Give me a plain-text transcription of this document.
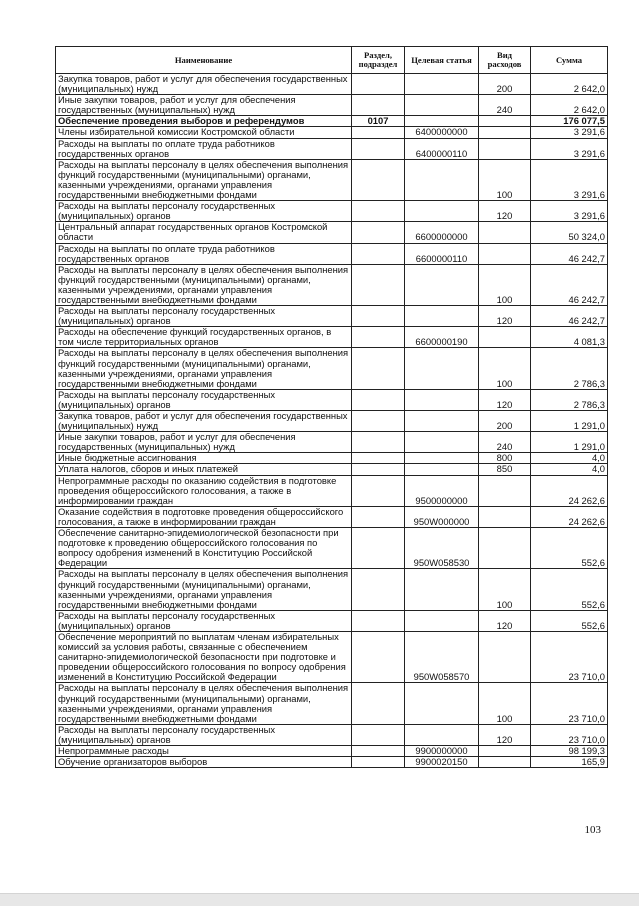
Наименование	Раздел, подраздел	Целевая статья	Вид расходов	Сумма
Закупка товаров, работ и услуг для обеспечения государственных (муниципальных) нужд			200	2 642,0
Иные закупки товаров, работ и услуг для обеспечения государственных (муниципальных) нужд			240	2 642,0
Обеспечение проведения выборов и референдумов	0107			176 077,5
Члены избирательной комиссии Костромской области		6400000000		3 291,6
Расходы на выплаты по оплате труда работников государственных органов		6400000110		3 291,6
Расходы на выплаты персоналу в целях обеспечения выполнения функций государственными (муниципальными) органами, казенными учреждениями, органами управления государственными внебюджетными фондами			100	3 291,6
Расходы на выплаты персоналу государственных (муниципальных) органов			120	3 291,6
Центральный аппарат государственных органов Костромской области		6600000000		50 324,0
Расходы на выплаты по оплате труда работников государственных органов		6600000110		46 242,7
Расходы на выплаты персоналу в целях обеспечения выполнения функций государственными (муниципальными) органами, казенными учреждениями, органами управления государственными внебюджетными фондами			100	46 242,7
Расходы на выплаты персоналу государственных (муниципальных) органов			120	46 242,7
Расходы на обеспечение функций государственных органов, в том числе территориальных органов		6600000190		4 081,3
Расходы на выплаты персоналу в целях обеспечения выполнения функций государственными (муниципальными) органами, казенными учреждениями, органами управления государственными внебюджетными фондами			100	2 786,3
Расходы на выплаты персоналу государственных (муниципальных) органов			120	2 786,3
Закупка товаров, работ и услуг для обеспечения государственных (муниципальных) нужд			200	1 291,0
Иные закупки товаров, работ и услуг для обеспечения государственных (муниципальных) нужд			240	1 291,0
Иные бюджетные ассигнования			800	4,0
Уплата налогов, сборов и иных платежей			850	4,0
Непрограммные расходы по оказанию содействия в подготовке проведения общероссийского голосования, а также в информировании граждан		9500000000		24 262,6
Оказание содействия в подготовке проведения общероссийского голосования, а также в информировании граждан		950W000000		24 262,6
Обеспечение санитарно-эпидемиологической безопасности при подготовке к проведению общероссийского голосования по вопросу одобрения изменений в Конституцию Российской Федерации		950W058530		552,6
Расходы на выплаты персоналу в целях обеспечения выполнения функций государственными (муниципальными) органами, казенными учреждениями, органами управления государственными внебюджетными фондами			100	552,6
Расходы на выплаты персоналу государственных (муниципальных) органов			120	552,6
Обеспечение мероприятий по выплатам членам избирательных комиссий за условия работы, связанные с обеспечением санитарно-эпидемиологической безопасности при подготовке и проведении общероссийского голосования по вопросу одобрения изменений в Конституцию Российской Федерации		950W058570		23 710,0
Расходы на выплаты персоналу в целях обеспечения выполнения функций государственными (муниципальными) органами, казенными учреждениями, органами управления государственными внебюджетными фондами			100	23 710,0
Расходы на выплаты персоналу государственных (муниципальных) органов			120	23 710,0
Непрограммные расходы		9900000000		98 199,3
Обучение организаторов выборов		9900020150		165,9
103
